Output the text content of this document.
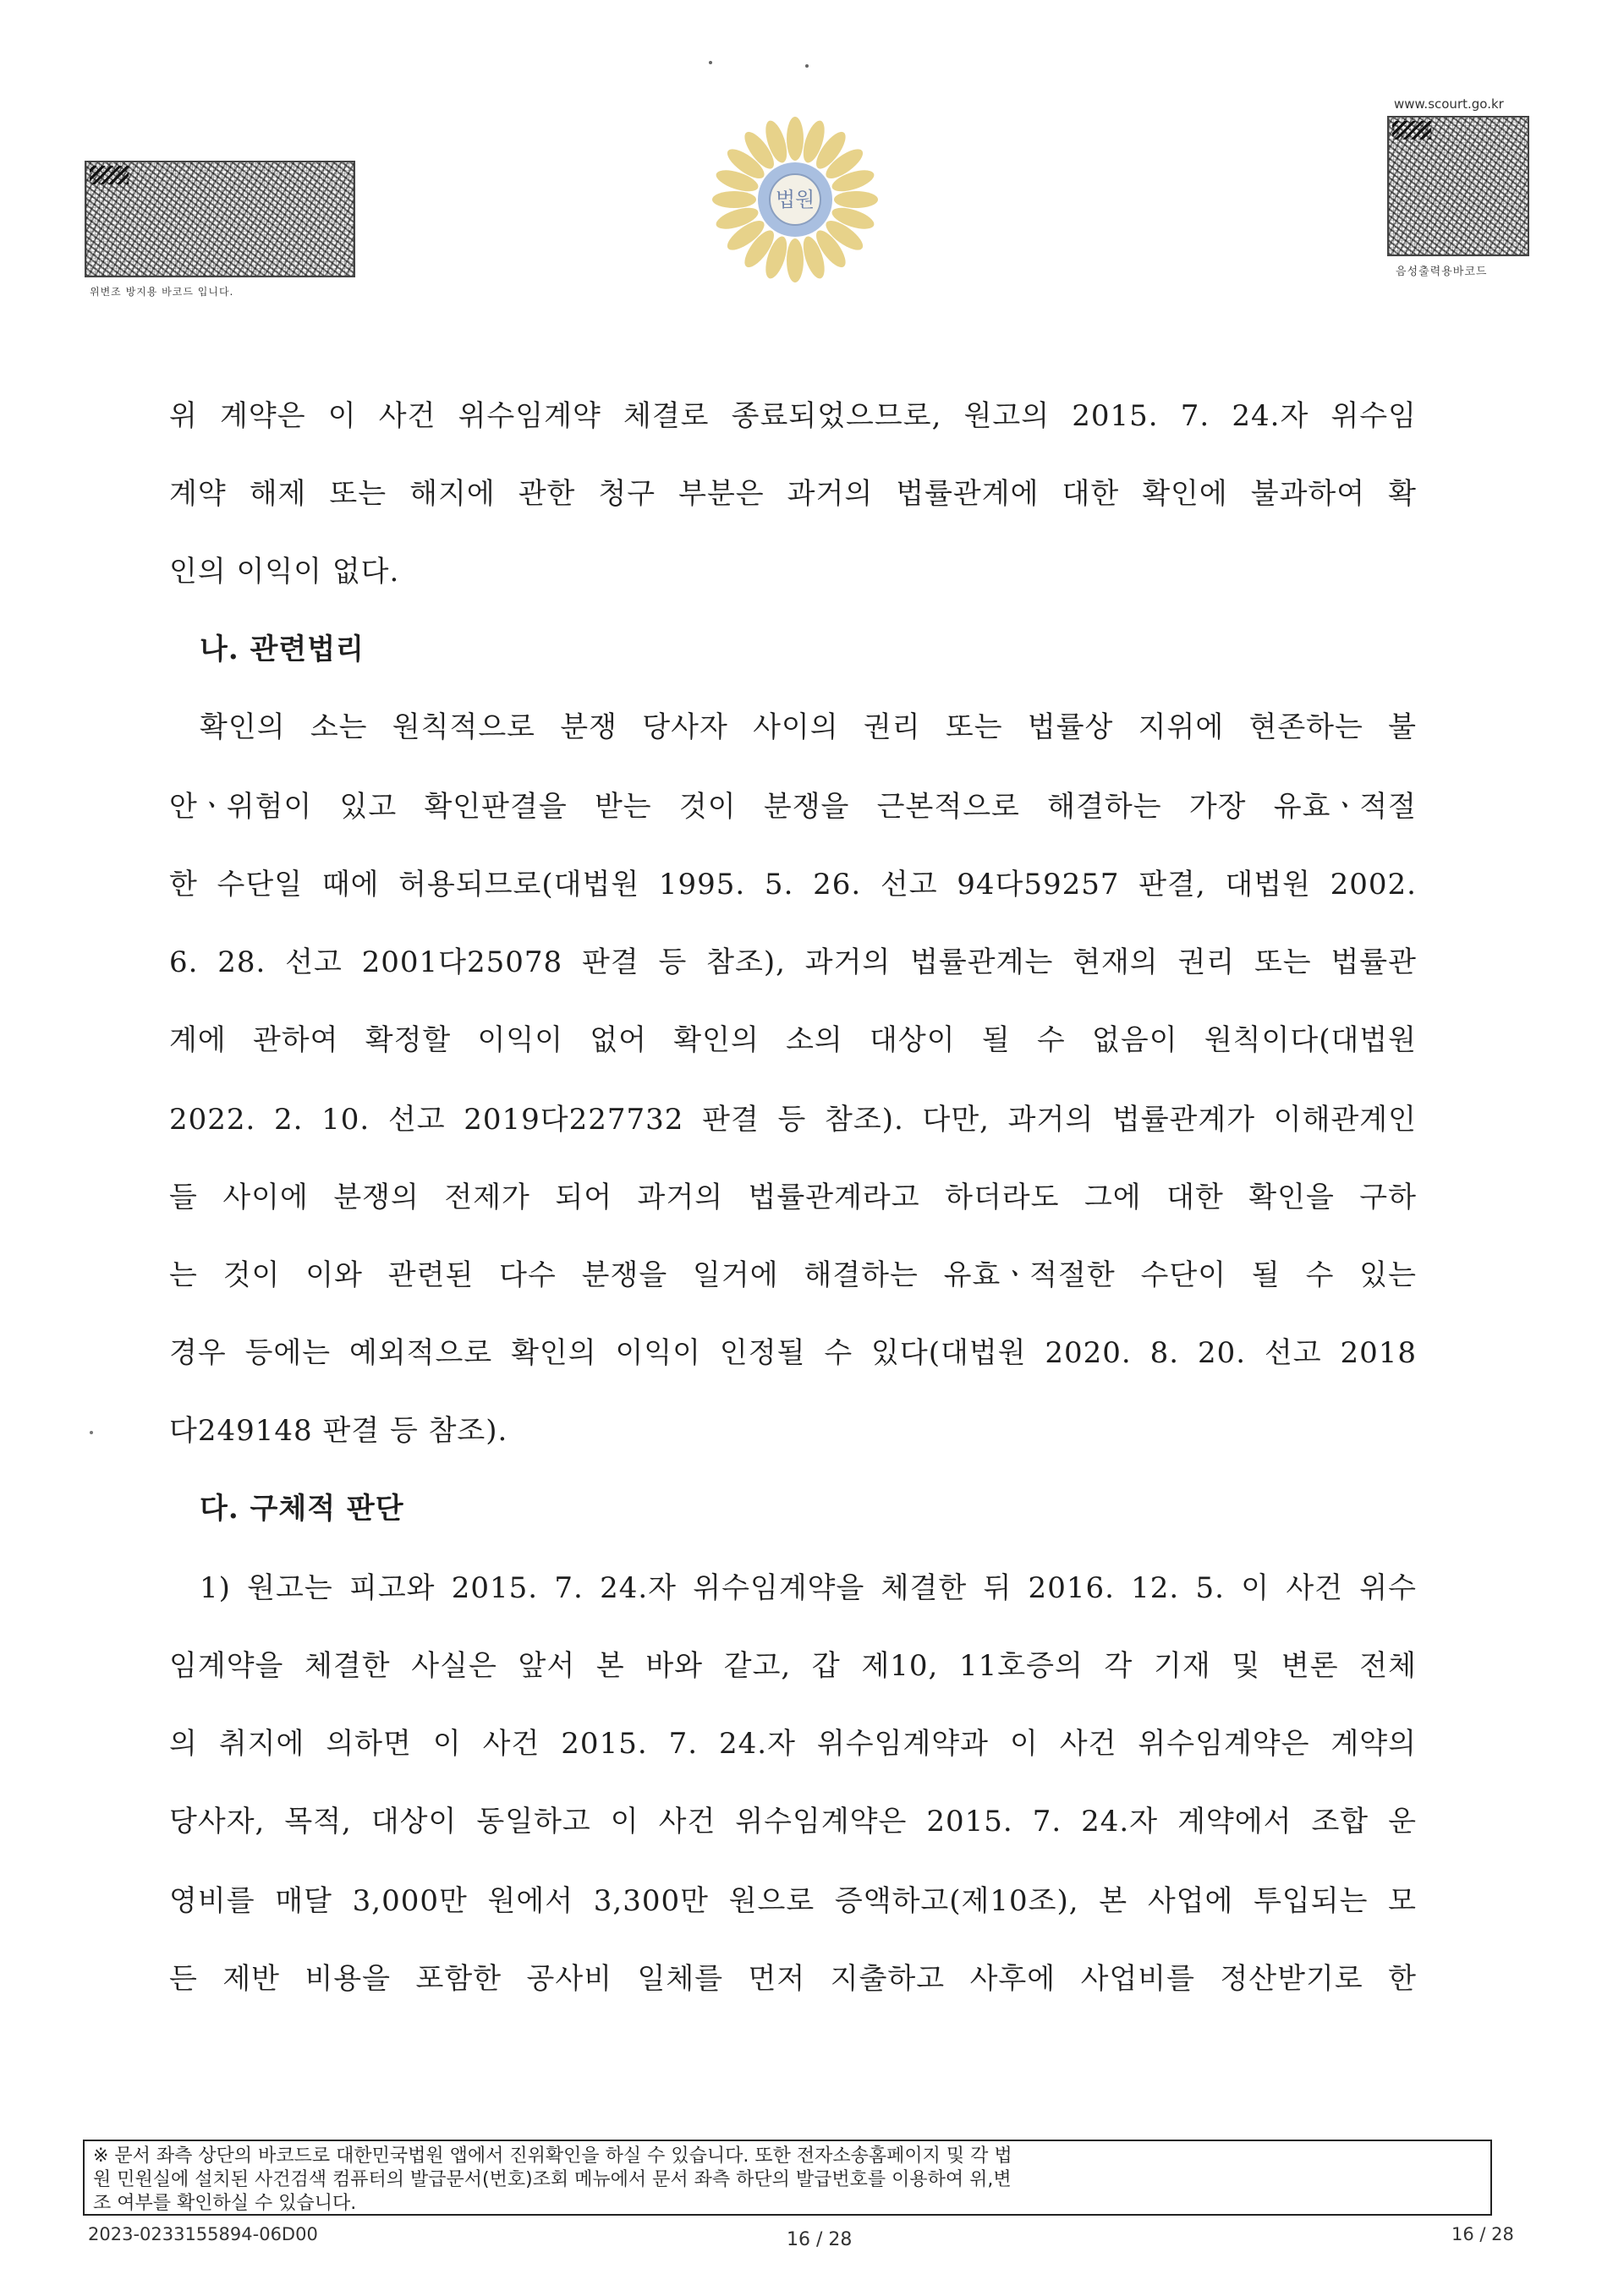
위변조 방지용 바코드 입니다.
법원
www.scourt.go.kr
음성출력용바코드
위 계약은 이 사건 위수임계약 체결로 종료되었으므로, 원고의 2015. 7. 24.자 위수임
계약 해제 또는 해지에 관한 청구 부분은 과거의 법률관계에 대한 확인에 불과하여 확
인의 이익이 없다.
나. 관련법리
확인의 소는 원칙적으로 분쟁 당사자 사이의 권리 또는 법률상 지위에 현존하는 불
안ㆍ위험이 있고 확인판결을 받는 것이 분쟁을 근본적으로 해결하는 가장 유효ㆍ적절
한 수단일 때에 허용되므로(대법원 1995. 5. 26. 선고 94다59257 판결, 대법원 2002.
6. 28. 선고 2001다25078 판결 등 참조), 과거의 법률관계는 현재의 권리 또는 법률관
계에 관하여 확정할 이익이 없어 확인의 소의 대상이 될 수 없음이 원칙이다(대법원
2022. 2. 10. 선고 2019다227732 판결 등 참조). 다만, 과거의 법률관계가 이해관계인
들 사이에 분쟁의 전제가 되어 과거의 법률관계라고 하더라도 그에 대한 확인을 구하
는 것이 이와 관련된 다수 분쟁을 일거에 해결하는 유효ㆍ적절한 수단이 될 수 있는
경우 등에는 예외적으로 확인의 이익이 인정될 수 있다(대법원 2020. 8. 20. 선고 2018
다249148 판결 등 참조).
다. 구체적 판단
1) 원고는 피고와 2015. 7. 24.자 위수임계약을 체결한 뒤 2016. 12. 5. 이 사건 위수
임계약을 체결한 사실은 앞서 본 바와 같고, 갑 제10, 11호증의 각 기재 및 변론 전체
의 취지에 의하면 이 사건 2015. 7. 24.자 위수임계약과 이 사건 위수임계약은 계약의
당사자, 목적, 대상이 동일하고 이 사건 위수임계약은 2015. 7. 24.자 계약에서 조합 운
영비를 매달 3,000만 원에서 3,300만 원으로 증액하고(제10조), 본 사업에 투입되는 모
든 제반 비용을 포함한 공사비 일체를 먼저 지출하고 사후에 사업비를 정산받기로 한
※ 문서 좌측 상단의 바코드로 대한민국법원 앱에서 진위확인을 하실 수 있습니다. 또한 전자소송홈페이지 및 각 법
원 민원실에 설치된 사건검색 컴퓨터의 발급문서(번호)조회 메뉴에서 문서 좌측 하단의 발급번호를 이용하여 위,변
조 여부를 확인하실 수 있습니다.
2023-0233155894-06D00	16 / 28	16 / 28
